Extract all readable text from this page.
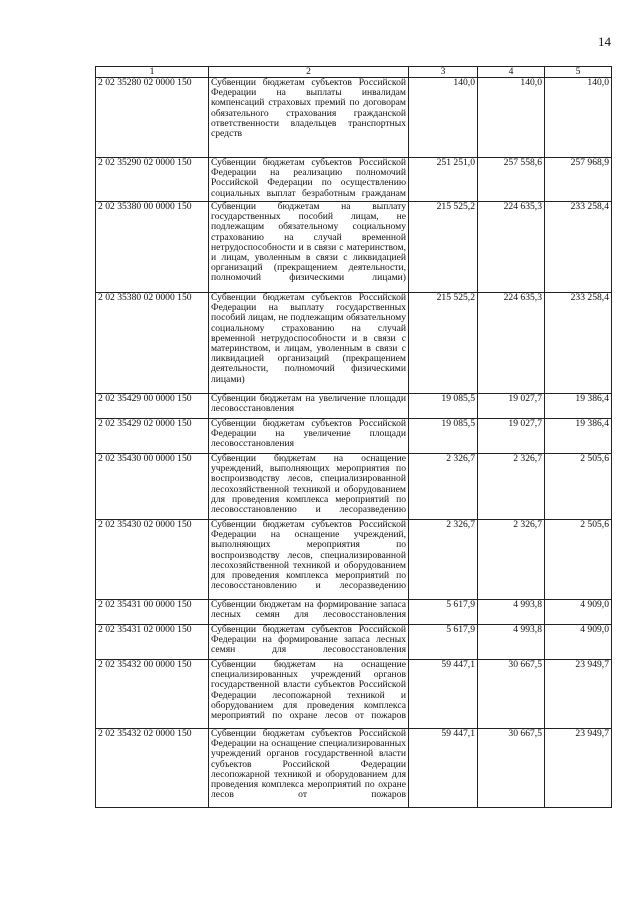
14
1	2	3	4	5
2 02 35280 02 0000 150	Субвенции бюджетам субъектов Российской Федерации на выплаты инвалидам компенсаций страховых премий по договорам обязательного страхования гражданской ответственности владельцев транспортных средств	140,0	140,0	140,0
2 02 35290 02 0000 150	Субвенции бюджетам субъектов Российской Федерации на реализацию полномочий Российской Федерации по осуществлению социальных выплат безработным гражданам	251 251,0	257 558,6	257 968,9
2 02 35380 00 0000 150	Субвенции бюджетам на выплату государственных пособий лицам, не подлежащим обязательному социальному страхованию на случай временной нетрудоспособности и в связи с материнством, и лицам, уволенным в связи с ликвидацией организаций (прекращением деятельности, полномочий физическими лицами)	215 525,2	224 635,3	233 258,4
2 02 35380 02 0000 150	Субвенции бюджетам субъектов Российской Федерации на выплату государственных пособий лицам, не подлежащим обязательному социальному страхованию на случай временной нетрудоспособности и в связи с материнством, и лицам, уволенным в связи с ликвидацией организаций (прекращением деятельности, полномочий физическими лицами)	215 525,2	224 635,3	233 258,4
2 02 35429 00 0000 150	Субвенции бюджетам на увеличение площади лесовосстановления	19 085,5	19 027,7	19 386,4
2 02 35429 02 0000 150	Субвенции бюджетам субъектов Российской Федерации на увеличение площади лесовосстановления	19 085,5	19 027,7	19 386,4
2 02 35430 00 0000 150	Субвенции бюджетам на оснащение учреждений, выполняющих мероприятия по воспроизводству лесов, специализированной лесохозяйственной техникой и оборудованием для проведения комплекса мероприятий по лесовосстановлению и лесоразведению	2 326,7	2 326,7	2 505,6
2 02 35430 02 0000 150	Субвенции бюджетам субъектов Российской Федерации на оснащение учреждений, выполняющих мероприятия по воспроизводству лесов, специализированной лесохозяйственной техникой и оборудованием для проведения комплекса мероприятий по лесовосстановлению и лесоразведению	2 326,7	2 326,7	2 505,6
2 02 35431 00 0000 150	Субвенции бюджетам на формирование запаса лесных семян для лесовосстановления	5 617,9	4 993,8	4 909,0
2 02 35431 02 0000 150	Субвенции бюджетам субъектов Российской Федерации на формирование запаса лесных семян для лесовосстановления	5 617,9	4 993,8	4 909,0
2 02 35432 00 0000 150	Субвенции бюджетам на оснащение специализированных учреждений органов государственной власти субъектов Российской Федерации лесопожарной техникой и оборудованием для проведения комплекса мероприятий по охране лесов от пожаров	59 447,1	30 667,5	23 949,7
2 02 35432 02 0000 150	Субвенции бюджетам субъектов Российской Федерации на оснащение специализированных учреждений органов государственной власти субъектов Российской Федерации лесопожарной техникой и оборудованием для проведения комплекса мероприятий по охране лесов от пожаров	59 447,1	30 667,5	23 949,7
